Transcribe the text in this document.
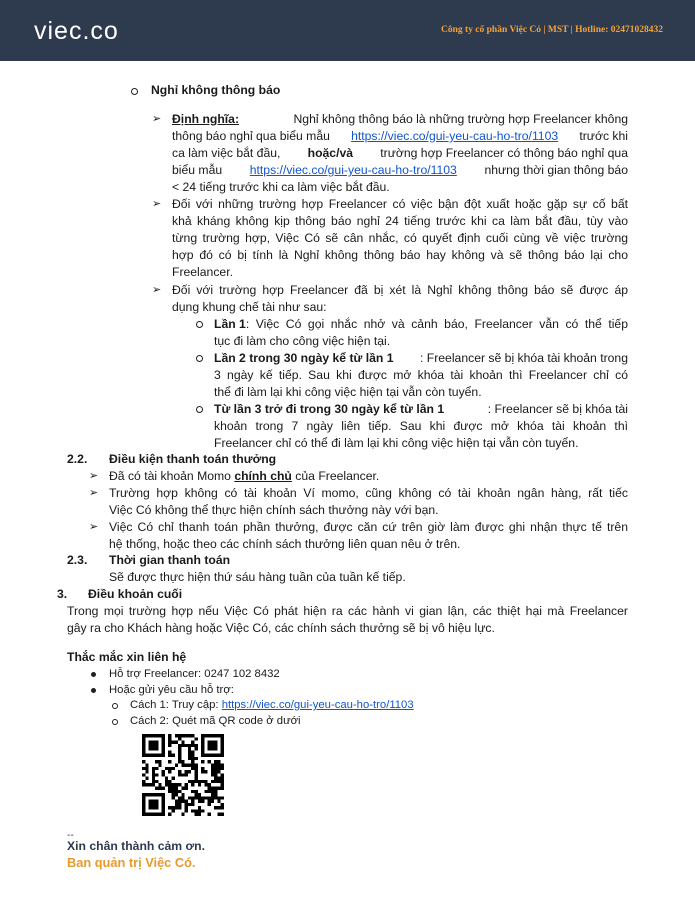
viec.co	Công ty cổ phần Việc Có | MST | Hotline: 02471028432
Nghỉ không thông báo
➢ Định nghĩa:	Nghỉ không thông báo là những trường hợp Freelancer không
thông báo nghỉ qua biểu mẫu https://viec.co/gui-yeu-cau-ho-tro/1103 trước khi
ca làm việc bắt đầu, hoặc/và trường hợp Freelancer có thông báo nghỉ qua
biểu mẫu https://viec.co/gui-yeu-cau-ho-tro/1103 nhưng thời gian thông báo
< 24 tiếng trước khi ca làm việc bắt đầu.
➢ Đối với những trường hợp Freelancer có việc bận đột xuất hoặc gặp sự cố bất
khả kháng không kịp thông báo nghỉ 24 tiếng trước khi ca làm bắt đầu, tùy vào
từng trường hợp, Việc Có sẽ cân nhắc, có quyết định cuối cùng về việc trường
hợp đó có bị tính là Nghỉ không thông báo hay không và sẽ thông báo lại cho
Freelancer.
➢ Đối với trường hợp Freelancer đã bị xét là Nghỉ không thông báo sẽ được áp
dụng khung chế tài như sau:
Lần 1 : Việc Có gọi nhắc nhở và cảnh báo, Freelancer vẫn có thể tiếp
tục đi làm cho công việc hiện tại.
Lần 2 trong 30 ngày kể từ lần 1 : Freelancer sẽ bị khóa tài khoản trong
3 ngày kế tiếp. Sau khi được mở khóa tài khoản thì Freelancer chỉ có
thể đi làm lại khi công việc hiện tại vẫn còn tuyển.
Từ lần 3 trở đi trong 30 ngày kể từ lần 1	: Freelancer sẽ bị khóa tài
khoản trong 7 ngày liên tiếp. Sau khi được mở khóa tài khoản thì
Freelancer chỉ có thể đi làm lại khi công việc hiện tại vẫn còn tuyển.
2.2. Điều kiện thanh toán thưởng
➢ Đã có tài khoản Momo chính chủ của Freelancer.
➢ Trường hợp không có tài khoản Ví momo, cũng không có tài khoản ngân hàng, rất tiếc
Việc Có không thể thực hiện chính sách thưởng này với bạn.
➢ Việc Có chỉ thanh toán phần thưởng, được căn cứ trên giờ làm được ghi nhận thực tế trên
hệ thống, hoặc theo các chính sách thưởng liên quan nêu ở trên.
2.3. Thời gian thanh toán
Sẽ được thực hiện thứ sáu hàng tuần của tuần kế tiếp.
3. Điều khoản cuối
Trong mọi trường hợp nếu Việc Có phát hiện ra các hành vi gian lận, các thiệt hại mà Freelancer
gây ra cho Khách hàng hoặc Việc Có, các chính sách thưởng sẽ bị vô hiệu lực.
Thắc mắc xin liên hệ
Hỗ trợ Freelancer: 0247 102 8432
Hoặc gửi yêu cầu hỗ trợ:
Cách 1: Truy cập: https://viec.co/gui-yeu-cau-ho-tro/1103
Cách 2: Quét mã QR code ở dưới
--
Xin chân thành cảm ơn.
Ban quản trị Việc Có.
